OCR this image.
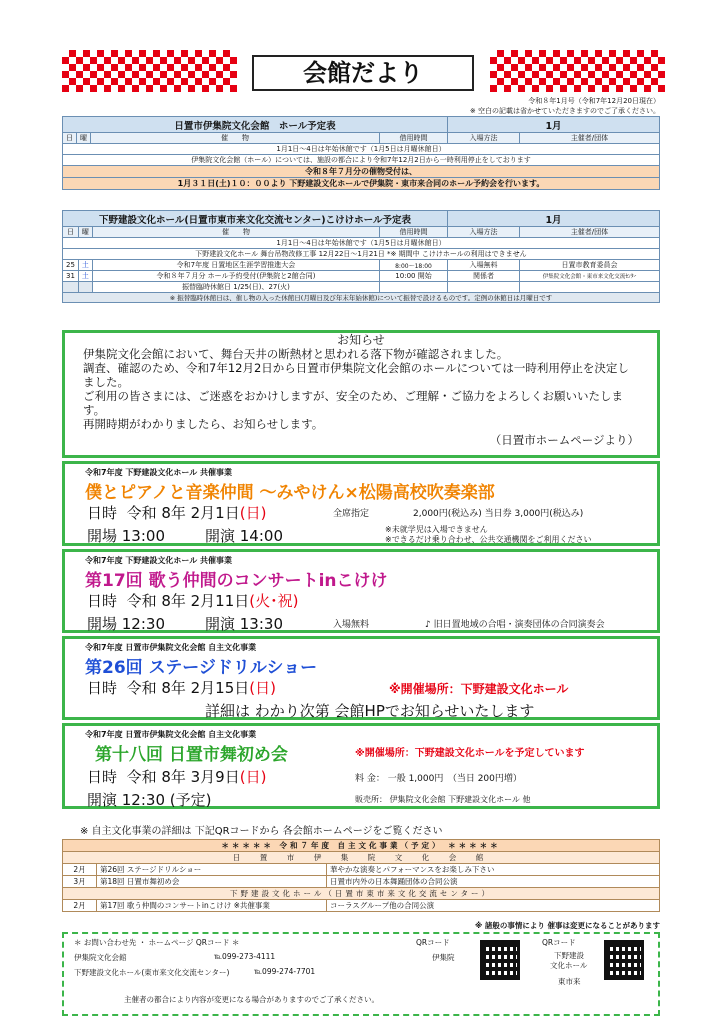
会館だより
令和８年1月号（令和7年12月20日現在）
※ 空白の記載は省かせていただきますのでご了承ください。
日置市伊集院文化会館　ホール予定表				1月	
日	曜	催　　物	借用時間	入場方法	主催者/団体
1月1日～4日は年始休館です（1月5日は月曜休館日）					
伊集院文化会館（ホール）については、施設の都合により令和7年12月2日から一時利用停止をしております					
令和８年７月分の催物受付は、					
1月３１日(土)１０：００より 下野建設文化ホールで伊集院・東市来合同のホール予約会を行います。					
下野建設文化ホール(日置市東市来文化交流センター)こけけホール予定表				1月	
日	曜	催　　物	借用時間	入場方法	主催者/団体
1月1日～4日は年始休館です（1月5日は月曜休館日）					
下野建設文化ホール 舞台吊物改修工事 12月22日～1月21日 *※ 期間中 こけけホールの利用はできません					
25	土	令和7年度 日置地区生涯学習推進大会	8:00～18:00	入場無料	日置市教育委員会
31	土	令和８年７月分 ホール予約受付(伊集院と2館合同)	10:00 開始	関係者	伊集院文化会館・東市来文化交流ｾﾝﾀｰ
		振替臨時休館日 1/25(日)、27(火)			
※ 振替臨時休館日は、催し物の入った休館日(月曜日及び年末年始休館)について振替で設けるものです。定例の休館日は月曜日です					
お知らせ
伊集院文化会館において、舞台天井の断熱材と思われる落下物が確認されました。
調査、確認のため、令和7年12月2日から日置市伊集院文化会館のホールについては一時利用停止を決定しました。
ご利用の皆さまには、ご迷惑をおかけしますが、安全のため、ご理解・ご協力をよろしくお願いいたします。
再開時期がわかりましたら、お知らせします。
（日置市ホームページより）
令和7年度 下野建設文化ホール 共催事業
僕とピアノと音楽仲間 ～みやけん×松陽高校吹奏楽部
日時 令和 8年 2月1日(日)	全席指定	2,000円(税込み) 当日券 3,000円(税込み)
開場 13:00	開演 14:00	※未就学児は入場できません
※できるだけ乗り合わせ、公共交通機関をご利用ください
令和7年度 下野建設文化ホール 共催事業
第17回 歌う仲間のコンサートinこけけ
日時 令和 8年 2月11日(火･祝)
開場 12:30	開演 13:30	入場無料	♪ 旧日置地域の合唱・演奏団体の合同演奏会
令和7年度 日置市伊集院文化会館 自主文化事業
第26回 ステージドリルショー
日時 令和 8年 2月15日(日)	※開催場所：下野建設文化ホール
詳細は わかり次第 会館HPでお知らせいたします
令和7年度 日置市伊集院文化会館 自主文化事業
第十八回 日置市舞初め会	※開催場所：下野建設文化ホールを予定しています
日時 令和 8年 3月9日(日)	料 金： 一般 1,000円　（当日 200円増）
開演 12:30 (予定)	販売所： 伊集院文化会館 下野建設文化ホール 他
※ 自主文化事業の詳細は 下記QRコードから 各会館ホームページをご覧ください
＊＊＊＊＊ 令和７年度 自主文化事業（予定） ＊＊＊＊＊		
日　置　市　伊　集　院　文　化　会　館		
2月	第26回 ステージドリルショー	華やかな演奏とパフォーマンスをお楽しみ下さい
3月	第18回 日置市舞初め会	日置市内外の日本舞踊団体の合同公演
下野建設文化ホール（日置市東市来文化交流センター）		
2月	第17回 歌う仲間のコンサートinこけけ ※共催事業	コーラスグループ他の合同公演
※ 諸般の事情により 催事は変更になることがあります
＊ お問い合わせ先 ・ ホームページ QRコード ＊
伊集院文化会館	℡099-273-4111
下野建設文化ホール(東市来文化交流センター)	℡099-274-7701
主催者の都合により内容が変更になる場合がありますのでご了承ください。
QRコード
伊集院
QRコード
下野建設
文化ホール
東市来
